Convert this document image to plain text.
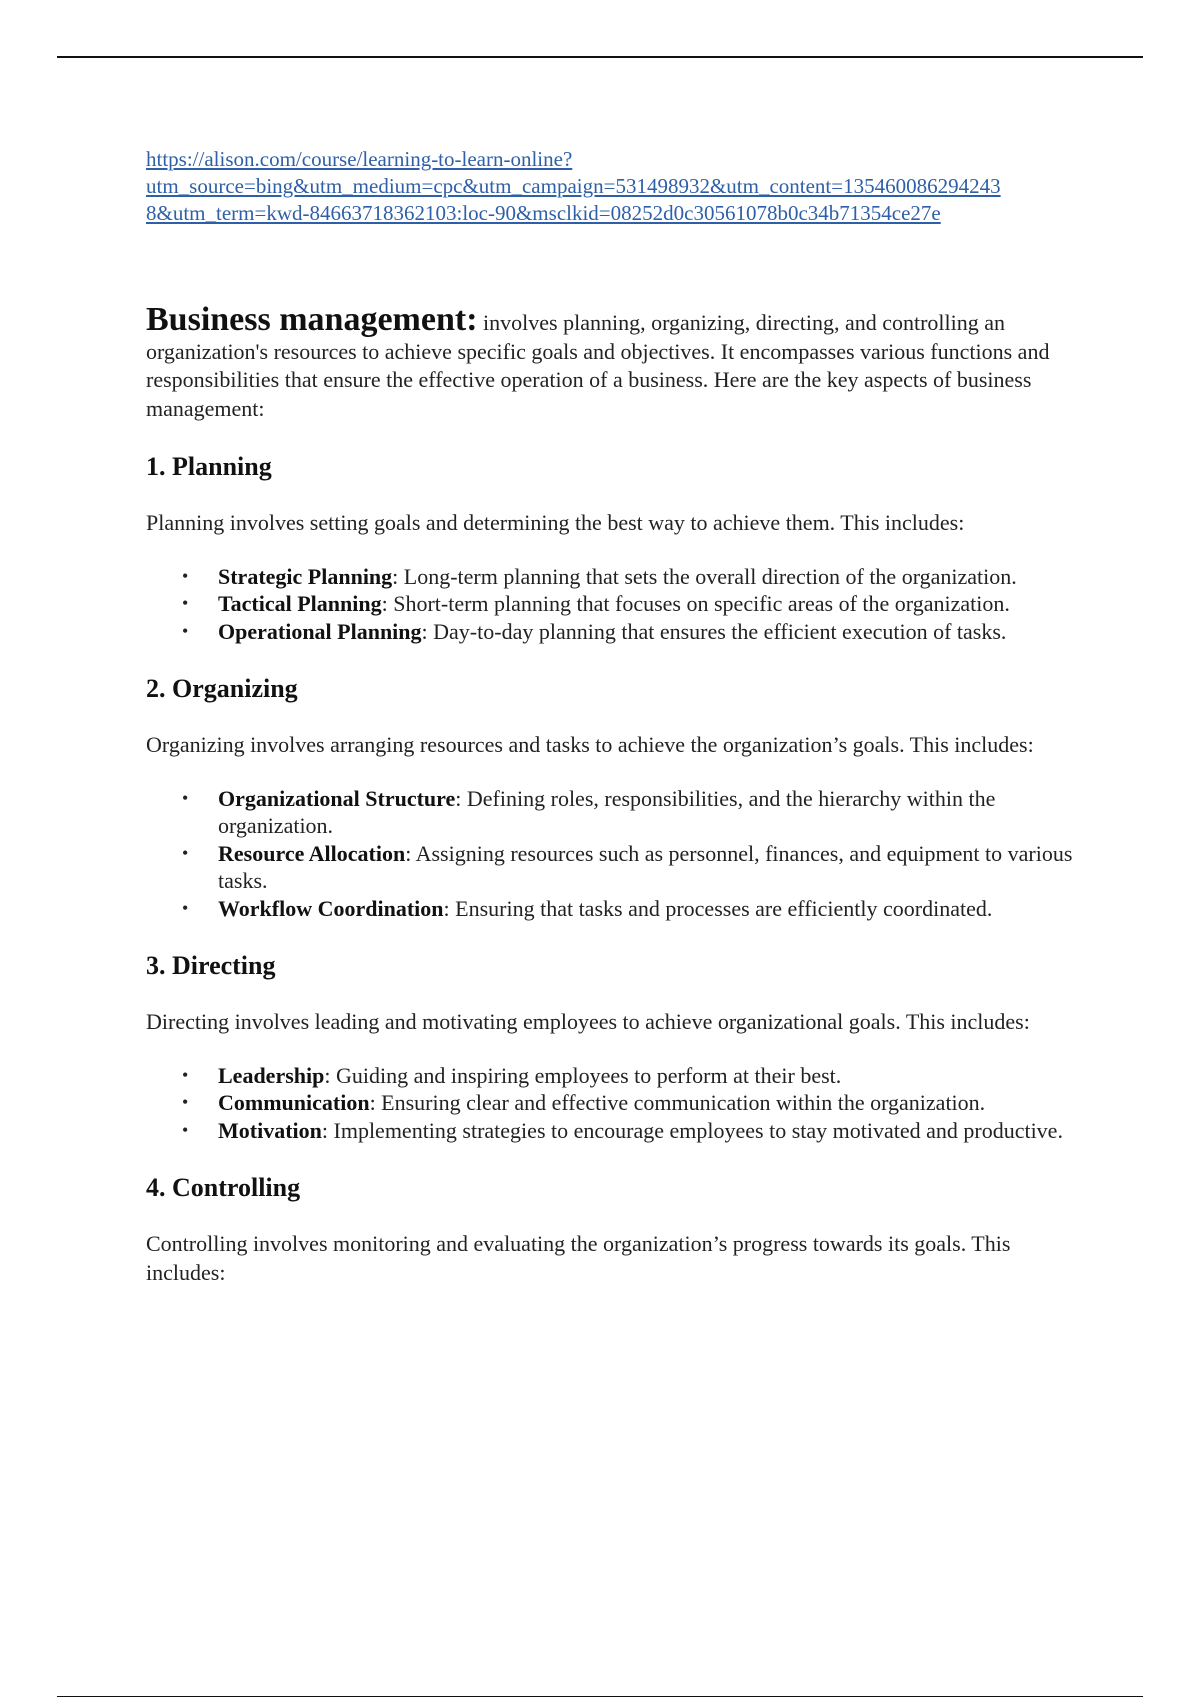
https://alison.com/course/learning-to-learn-online?
utm_source=bing&utm_medium=cpc&utm_campaign=531498932&utm_content=135460086294243
8&utm_term=kwd-84663718362103:loc-90&msclkid=08252d0c30561078b0c34b71354ce27e

Business management: involves planning, organizing, directing, and controlling an organization's resources to achieve specific goals and objectives. It encompasses various functions and responsibilities that ensure the effective operation of a business. Here are the key aspects of business management:

1. Planning

Planning involves setting goals and determining the best way to achieve them. This includes:

• Strategic Planning: Long-term planning that sets the overall direction of the organization.
• Tactical Planning: Short-term planning that focuses on specific areas of the organization.
• Operational Planning: Day-to-day planning that ensures the efficient execution of tasks.
2. Organizing

Organizing involves arranging resources and tasks to achieve the organization’s goals. This includes:

• Organizational Structure: Defining roles, responsibilities, and the hierarchy within the organization.
• Resource Allocation: Assigning resources such as personnel, finances, and equipment to various tasks.
• Workflow Coordination: Ensuring that tasks and processes are efficiently coordinated.
3. Directing

Directing involves leading and motivating employees to achieve organizational goals. This includes:

• Leadership: Guiding and inspiring employees to perform at their best.
• Communication: Ensuring clear and effective communication within the organization.
• Motivation: Implementing strategies to encourage employees to stay motivated and productive.
4. Controlling

Controlling involves monitoring and evaluating the organization’s progress towards its goals. This includes:
